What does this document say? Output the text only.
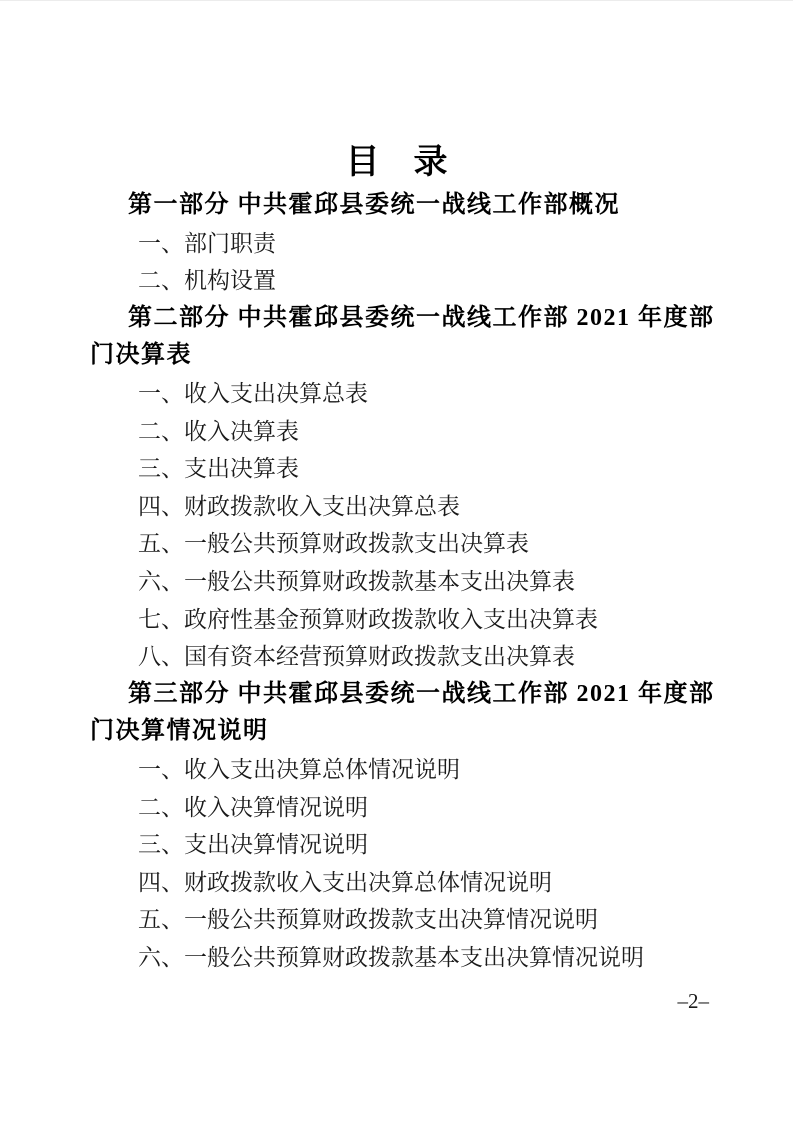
目　录
第一部分 中共霍邱县委统一战线工作部概况
一、部门职责
二、机构设置
第二部分 中共霍邱县委统一战线工作部 2021 年度部
门决算表
一、收入支出决算总表
二、收入决算表
三、支出决算表
四、财政拨款收入支出决算总表
五、一般公共预算财政拨款支出决算表
六、一般公共预算财政拨款基本支出决算表
七、政府性基金预算财政拨款收入支出决算表
八、国有资本经营预算财政拨款支出决算表
第三部分 中共霍邱县委统一战线工作部 2021 年度部
门决算情况说明
一、收入支出决算总体情况说明
二、收入决算情况说明
三、支出决算情况说明
四、财政拨款收入支出决算总体情况说明
五、一般公共预算财政拨款支出决算情况说明
六、一般公共预算财政拨款基本支出决算情况说明
–2–
